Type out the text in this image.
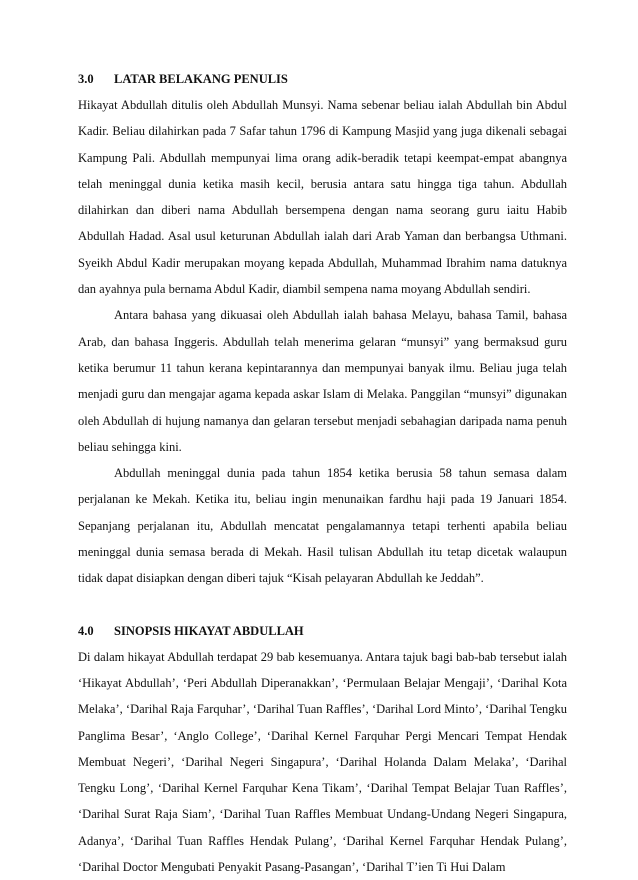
3.0	LATAR BELAKANG PENULIS

Hikayat Abdullah ditulis oleh Abdullah Munsyi. Nama sebenar beliau ialah Abdullah bin Abdul Kadir. Beliau dilahirkan pada 7 Safar tahun 1796 di Kampung Masjid yang juga dikenali sebagai Kampung Pali. Abdullah mempunyai lima orang adik-beradik tetapi keempat-empat abangnya telah meninggal dunia ketika masih kecil, berusia antara satu hingga tiga tahun. Abdullah dilahirkan dan diberi nama Abdullah bersempena dengan nama seorang guru iaitu Habib Abdullah Hadad. Asal usul keturunan Abdullah ialah dari Arab Yaman dan berbangsa Uthmani. Syeikh Abdul Kadir merupakan moyang kepada Abdullah, Muhammad Ibrahim nama datuknya dan ayahnya pula bernama Abdul Kadir, diambil sempena nama moyang Abdullah sendiri.

Antara bahasa yang dikuasai oleh Abdullah ialah bahasa Melayu, bahasa Tamil, bahasa Arab, dan bahasa Inggeris. Abdullah telah menerima gelaran “munsyi” yang bermaksud guru ketika berumur 11 tahun kerana kepintarannya dan mempunyai banyak ilmu. Beliau juga telah menjadi guru dan mengajar agama kepada askar Islam di Melaka. Panggilan “munsyi” digunakan oleh Abdullah di hujung namanya dan gelaran tersebut menjadi sebahagian daripada nama penuh beliau sehingga kini.

Abdullah meninggal dunia pada tahun 1854 ketika berusia 58 tahun semasa dalam perjalanan ke Mekah. Ketika itu, beliau ingin menunaikan fardhu haji pada 19 Januari 1854. Sepanjang perjalanan itu, Abdullah mencatat pengalamannya tetapi terhenti apabila beliau meninggal dunia semasa berada di Mekah. Hasil tulisan Abdullah itu tetap dicetak walaupun tidak dapat disiapkan dengan diberi tajuk “Kisah pelayaran Abdullah ke Jeddah”.

4.0	SINOPSIS HIKAYAT ABDULLAH

Di dalam hikayat Abdullah terdapat 29 bab kesemuanya. Antara tajuk bagi bab-bab tersebut ialah ‘Hikayat Abdullah’, ‘Peri Abdullah Diperanakkan’, ‘Permulaan Belajar Mengaji’, ‘Darihal Kota Melaka’, ‘Darihal Raja Farquhar’, ‘Darihal Tuan Raffles’, ‘Darihal Lord Minto’, ‘Darihal Tengku Panglima Besar’, ‘Anglo College’, ‘Darihal Kernel Farquhar Pergi Mencari Tempat Hendak Membuat Negeri’, ‘Darihal Negeri Singapura’, ‘Darihal Holanda Dalam Melaka’, ‘Darihal Tengku Long’, ‘Darihal Kernel Farquhar Kena Tikam’, ‘Darihal Tempat Belajar Tuan Raffles’, ‘Darihal Surat Raja Siam’, ‘Darihal Tuan Raffles Membuat Undang-Undang Negeri Singapura, Adanya’, ‘Darihal Tuan Raffles Hendak Pulang’, ‘Darihal Kernel Farquhar Hendak Pulang’, ‘Darihal Doctor Mengubati Penyakit Pasang-Pasangan’, ‘Darihal T’ien Ti Hui Dalam
